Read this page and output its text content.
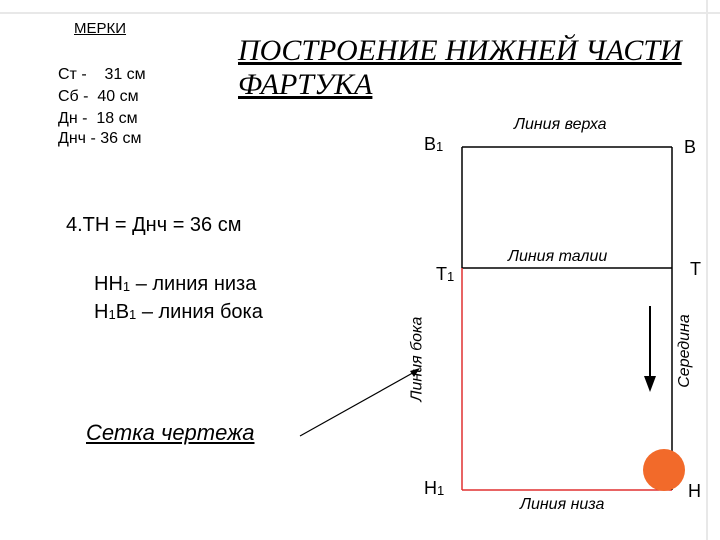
МЕРКИ
Ст - 31 см
Сб - 40 см
Дн - 18 см
Днч - 36 см
ПОСТРОЕНИЕ НИЖНЕЙ ЧАСТИ
ФАРТУКА
4.ТН = Днч = 36 см
НН1 – линия низа
Н1В1 – линия бока
Сетка чертежа
В1	В
Т1	Т
Н1	Н
Линия верха
Линия талии
Линия низа
Линия бока	Середина
